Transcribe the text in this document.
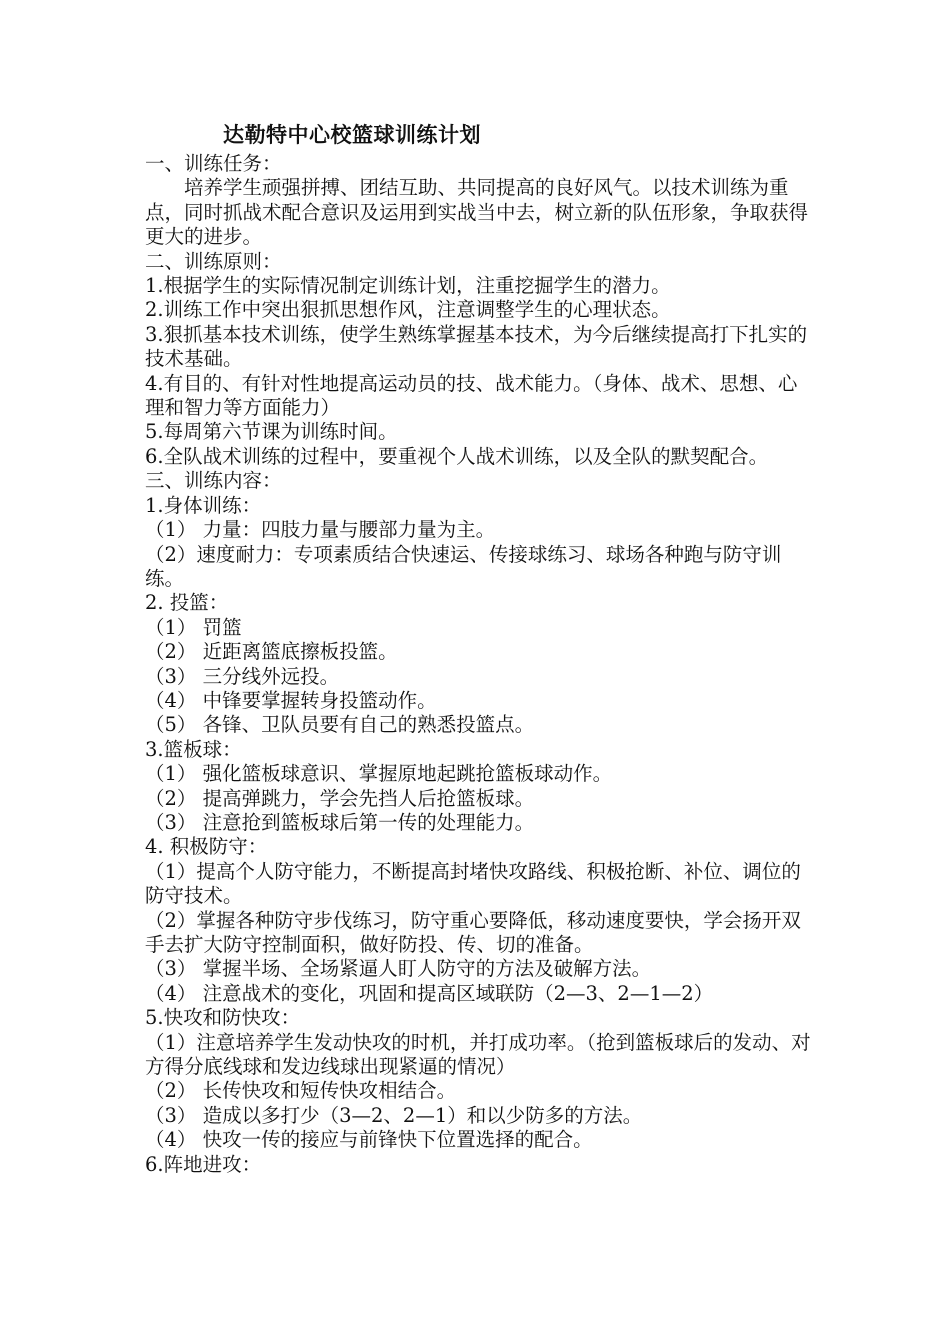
达勒特中心校篮球训练计划

一、训练任务：

培养学生顽强拼搏、团结互助、共同提高的良好风气。以技术训练为重点，同时抓战术配合意识及运用到实战当中去，树立新的队伍形象，争取获得更大的进步。

二、训练原则：

1.根据学生的实际情况制定训练计划，注重挖掘学生的潜力。

2.训练工作中突出狠抓思想作风，注意调整学生的心理状态。

3.狠抓基本技术训练，使学生熟练掌握基本技术，为今后继续提高打下扎实的技术基础。

4.有目的、有针对性地提高运动员的技、战术能力。（身体、战术、思想、心理和智力等方面能力）

5.每周第六节课为训练时间。

6.全队战术训练的过程中，要重视个人战术训练，以及全队的默契配合。

三、训练内容：

1.身体训练：

（1） 力量：四肢力量与腰部力量为主。

（2）速度耐力：专项素质结合快速运、传接球练习、球场各种跑与防守训练。

2. 投篮：

（1） 罚篮

（2） 近距离篮底擦板投篮。

（3） 三分线外远投。

（4） 中锋要掌握转身投篮动作。

（5） 各锋、卫队员要有自己的熟悉投篮点。

3.篮板球：

（1） 强化篮板球意识、掌握原地起跳抢篮板球动作。

（2） 提高弹跳力，学会先挡人后抢篮板球。

（3） 注意抢到篮板球后第一传的处理能力。

4. 积极防守：

（1）提高个人防守能力，不断提高封堵快攻路线、积极抢断、补位、调位的防守技术。

（2）掌握各种防守步伐练习，防守重心要降低，移动速度要快，学会扬开双手去扩大防守控制面积，做好防投、传、切的准备。

（3） 掌握半场、全场紧逼人盯人防守的方法及破解方法。

（4） 注意战术的变化，巩固和提高区域联防（2—3、2—1—2）

5.快攻和防快攻：

（1）注意培养学生发动快攻的时机，并打成功率。（抢到篮板球后的发动、对方得分底线球和发边线球出现紧逼的情况）

（2） 长传快攻和短传快攻相结合。

（3） 造成以多打少（3—2、2—1）和以少防多的方法。

（4） 快攻一传的接应与前锋快下位置选择的配合。

6.阵地进攻：
